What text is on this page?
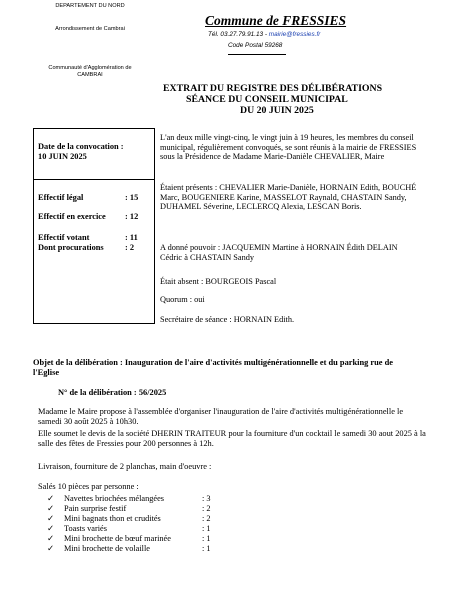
DEPARTEMENT DU NORD
Arrondissement de Cambrai
Communauté d'Agglomération de CAMBRAI
Commune de FRESSIES
Tél. 03.27.79.91.13 - mairie@fressies.fr
Code Postal 59268
EXTRAIT DU REGISTRE DES DÉLIBÉRATIONS
SÉANCE DU CONSEIL MUNICIPAL
DU 20 JUIN 2025
Date de la convocation :
10 JUIN 2025
Effectif légal	: 15
Effectif en exercice : 12
Effectif votant	: 11
Dont procurations	: 2
L'an deux mille vingt-cinq, le vingt juin à 19 heures, les membres du conseil municipal, régulièrement convoqués, se sont réunis à la mairie de FRESSIES sous la Présidence de Madame Marie-Danièle CHEVALIER, Maire
Étaient présents : CHEVALIER Marie-Danièle, HORNAIN Edith, BOUCHÉ Marc, BOUGENIERE Karine, MASSELOT Raynald, CHASTAIN Sandy, DUHAMEL Séverine, LECLERCQ Alexia, LESCAN Boris.
A donné pouvoir : JACQUEMIN Martine à HORNAIN Édith DELAIN Cédric à CHASTAIN Sandy
Était absent : BOURGEOIS Pascal
Quorum : oui
Secrétaire de séance : HORNAIN Edith.
Objet de la délibération : Inauguration de l'aire d'activités multigénérationnelle et du parking rue de l'Eglise
N° de la délibération : 56/2025
Madame le Maire propose à l'assemblée d'organiser l'inauguration de l'aire d'activités multigénérationnelle le samedi 30 août 2025 à 10h30.
Elle soumet le devis de la société DHERIN TRAITEUR pour la fourniture d'un cocktail le samedi 30 aout 2025 à la salle des fêtes de Fressies pour 200 personnes à 12h.
Livraison, fourniture de 2 planchas, main d'oeuvre :
Salés 10 pièces par personne :
✓ Navettes briochées mélangées	: 3
✓ Pain surprise festif	: 2
✓ Mini bagnats thon et crudités	: 2
✓ Toasts variés	: 1
✓ Mini brochette de bœuf marinée	: 1
✓ Mini brochette de volaille	: 1
